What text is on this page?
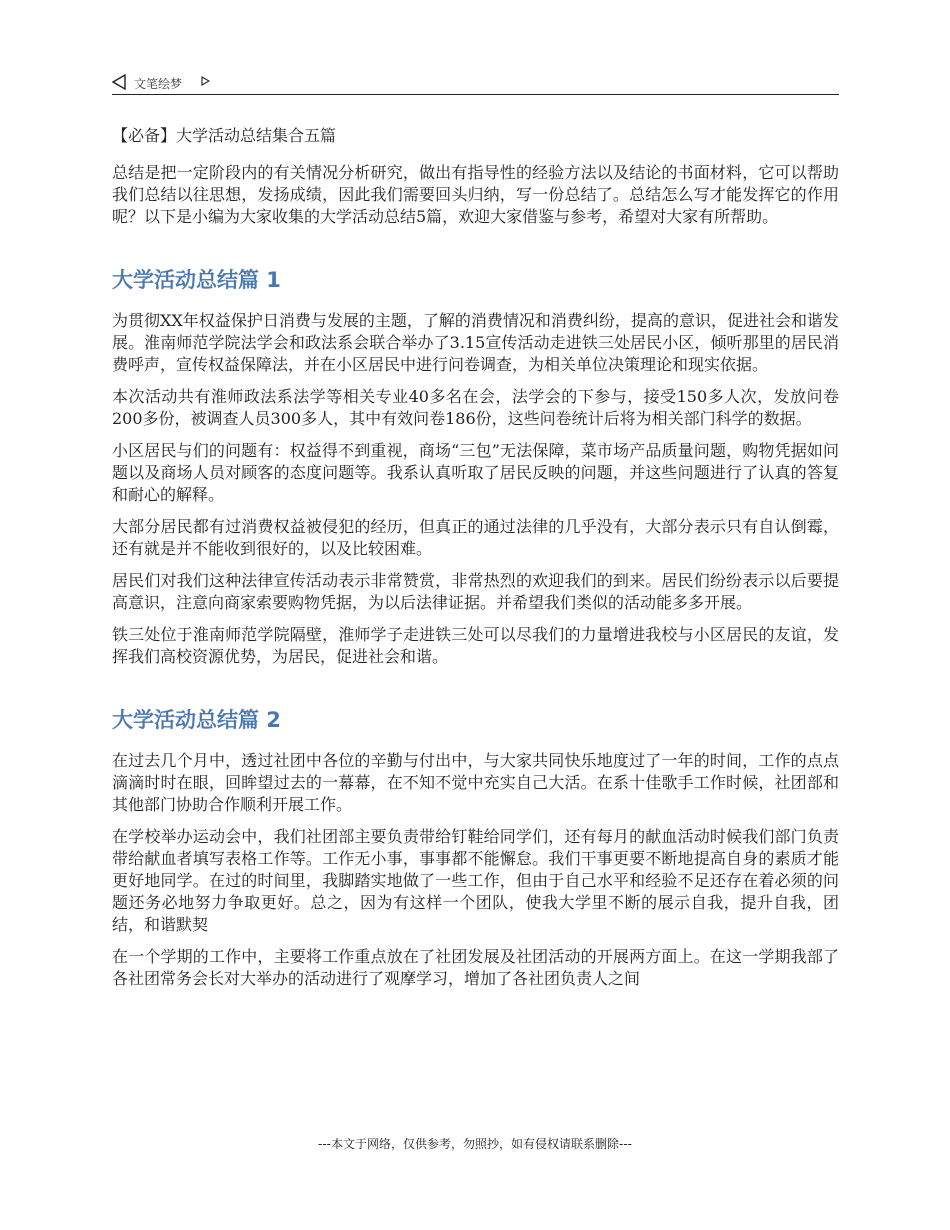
文笔绘梦
【必备】大学活动总结集合五篇

总结是把一定阶段内的有关情况分析研究，做出有指导性的经验方法以及结论的书面材料，它可以帮助我们总结以往思想，发扬成绩，因此我们需要回头归纳，写一份总结了。总结怎么写才能发挥它的作用呢？以下是小编为大家收集的大学活动总结5篇，欢迎大家借鉴与参考，希望对大家有所帮助。

大学活动总结篇 1

为贯彻XX年权益保护日消费与发展的主题，了解的消费情况和消费纠纷，提高的意识，促进社会和谐发展。淮南师范学院法学会和政法系会联合举办了3.15宣传活动走进铁三处居民小区，倾听那里的居民消费呼声，宣传权益保障法，并在小区居民中进行问卷调查，为相关单位决策理论和现实依据。

本次活动共有淮师政法系法学等相关专业40多名在会，法学会的下参与，接受150多人次，发放问卷200多份，被调查人员300多人，其中有效问卷186份，这些问卷统计后将为相关部门科学的数据。

小区居民与们的问题有：权益得不到重视，商场“三包”无法保障，菜市场产品质量问题，购物凭据如问题以及商场人员对顾客的态度问题等。我系认真听取了居民反映的问题，并这些问题进行了认真的答复和耐心的解释。

大部分居民都有过消费权益被侵犯的经历，但真正的通过法律的几乎没有，大部分表示只有自认倒霉，还有就是并不能收到很好的，以及比较困难。

居民们对我们这种法律宣传活动表示非常赞赏，非常热烈的欢迎我们的到来。居民们纷纷表示以后要提高意识，注意向商家索要购物凭据，为以后法律证据。并希望我们类似的活动能多多开展。

铁三处位于淮南师范学院隔壁，淮师学子走进铁三处可以尽我们的力量增进我校与小区居民的友谊，发挥我们高校资源优势，为居民，促进社会和谐。

大学活动总结篇 2

在过去几个月中，透过社团中各位的辛勤与付出中，与大家共同快乐地度过了一年的时间，工作的点点滴滴时时在眼，回眸望过去的一幕幕，在不知不觉中充实自己大活。在系十佳歌手工作时候，社团部和其他部门协助合作顺利开展工作。

在学校举办运动会中，我们社团部主要负责带给钉鞋给同学们，还有每月的献血活动时候我们部门负责带给献血者填写表格工作等。工作无小事，事事都不能懈怠。我们干事更要不断地提高自身的素质才能更好地同学。在过的时间里，我脚踏实地做了一些工作，但由于自己水平和经验不足还存在着必须的问题还务必地努力争取更好。总之，因为有这样一个团队，使我大学里不断的展示自我，提升自我，团结，和谐默契

在一个学期的工作中，主要将工作重点放在了社团发展及社团活动的开展两方面上。在这一学期我部了各社团常务会长对大举办的活动进行了观摩学习，增加了各社团负责人之间

---本文于网络，仅供参考，勿照抄，如有侵权请联系删除---
